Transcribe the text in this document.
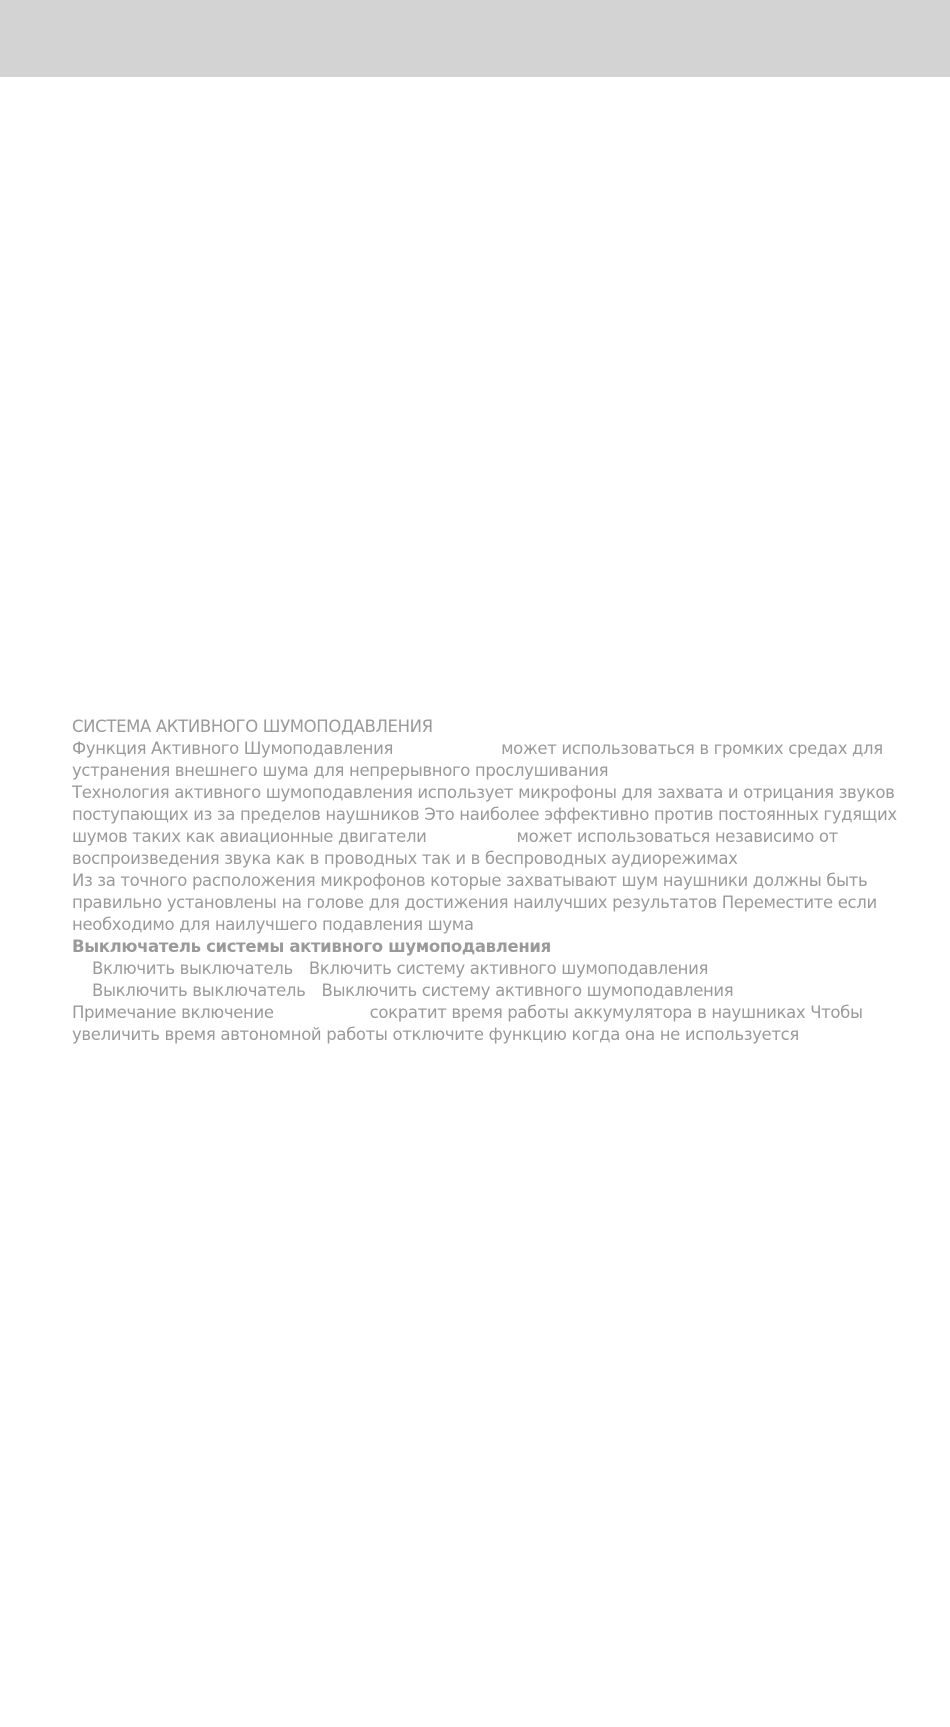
СИСТЕМА АКТИВНОГО ШУМОПОДАВЛЕНИЯ
Функция Активного Шумоподавления	может использоваться в громких средах для
устранения внешнего шума для непрерывного прослушивания
Технология активного шумоподавления использует микрофоны для захвата и отрицания звуков
поступающих из за пределов наушников Это наиболее эффективно против постоянных гудящих
шумов таких как авиационные двигатели	может использоваться независимо от
воспроизведения звука как в проводных так и в беспроводных аудиорежимах
Из за точного расположения микрофонов которые захватывают шум наушники должны быть
правильно установлены на голове для достижения наилучших результатов Переместите если
необходимо для наилучшего подавления шума
Выключатель системы активного шумоподавления
Включить выключатель Включить систему активного шумоподавления
Выключить выключатель Выключить систему активного шумоподавления
Примечание включение	сократит время работы аккумулятора в наушниках Чтобы
увеличить время автономной работы отключите функцию когда она не используется
